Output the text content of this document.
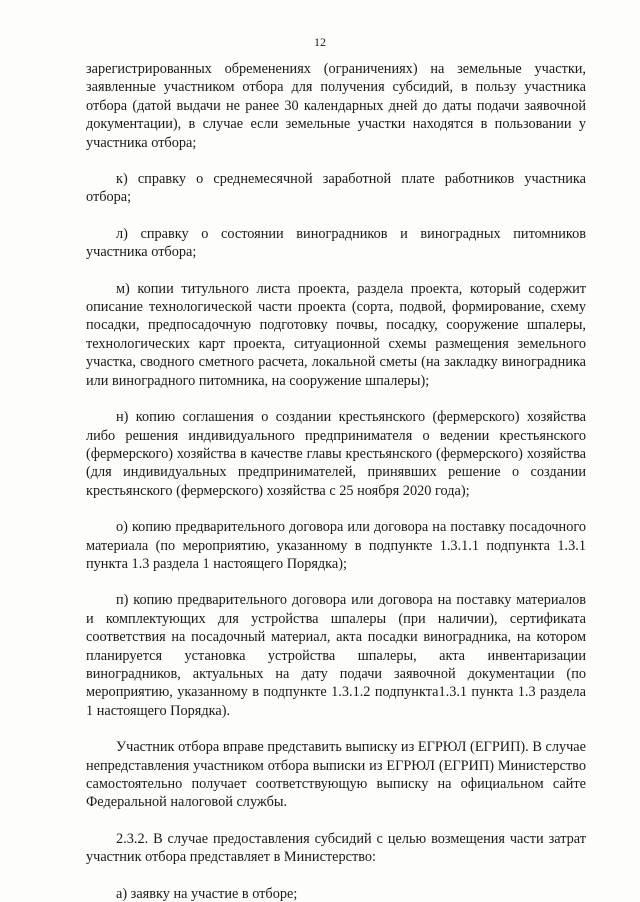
12

зарегистрированных обременениях (ограничениях) на земельные участки, заявленные участником отбора для получения субсидий, в пользу участника отбора (датой выдачи не ранее 30 календарных дней до даты подачи заявочной документации), в случае если земельные участки находятся в пользовании у участника отбора;

к) справку о среднемесячной заработной плате работников участника отбора;

л) справку о состоянии виноградников и виноградных питомников участника отбора;

м) копии титульного листа проекта, раздела проекта, который содержит описание технологической части проекта (сорта, подвой, формирование, схему посадки, предпосадочную подготовку почвы, посадку, сооружение шпалеры, технологических карт проекта, ситуационной схемы размещения земельного участка, сводного сметного расчета, локальной сметы (на закладку виноградника или виноградного питомника, на сооружение шпалеры);

н) копию соглашения о создании крестьянского (фермерского) хозяйства либо решения индивидуального предпринимателя о ведении крестьянского (фермерского) хозяйства в качестве главы крестьянского (фермерского) хозяйства (для индивидуальных предпринимателей, принявших решение о создании крестьянского (фермерского) хозяйства с 25 ноября 2020 года);

о) копию предварительного договора или договора на поставку посадочного материала (по мероприятию, указанному в подпункте 1.3.1.1 подпункта 1.3.1 пункта 1.3 раздела 1 настоящего Порядка);

п) копию предварительного договора или договора на поставку материалов и комплектующих для устройства шпалеры (при наличии), сертификата соответствия на посадочный материал, акта посадки виноградника, на котором планируется установка устройства шпалеры, акта инвентаризации виноградников, актуальных на дату подачи заявочной документации (по мероприятию, указанному в подпункте 1.3.1.2 подпункта1.3.1 пункта 1.3 раздела 1 настоящего Порядка).

Участник отбора вправе представить выписку из ЕГРЮЛ (ЕГРИП). В случае непредставления участником отбора выписки из ЕГРЮЛ (ЕГРИП) Министерство самостоятельно получает соответствующую выписку на официальном сайте Федеральной налоговой службы.

2.3.2. В случае предоставления субсидий с целью возмещения части затрат участник отбора представляет в Министерство:

а) заявку на участие в отборе;
